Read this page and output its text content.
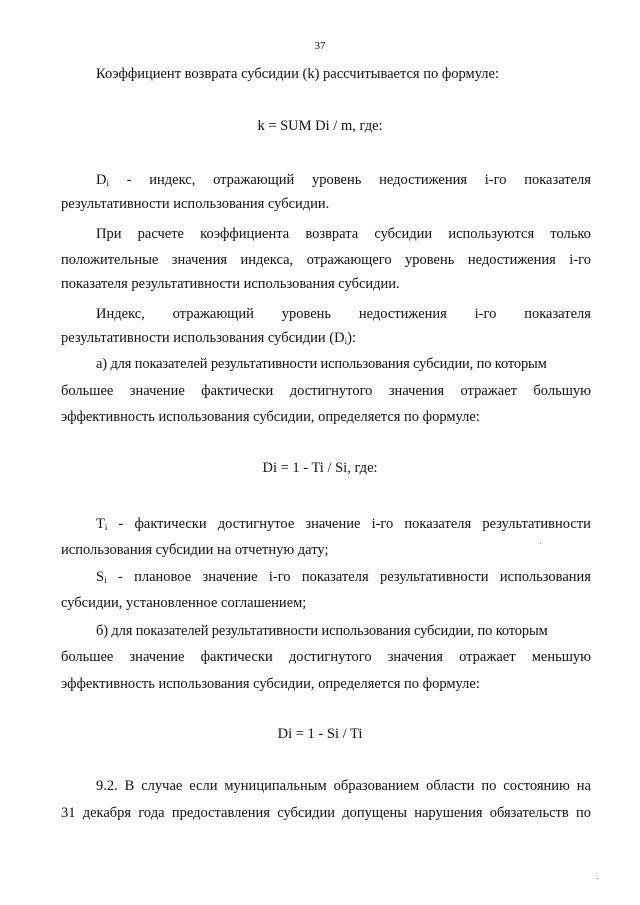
37
Коэффициент возврата субсидии (k) рассчитывается по формуле:
k = SUM Di / m, где:
$D_i$ - индекс, отражающий уровень недостижения i-го показателя
результативности использования субсидии.
При расчете коэффициента возврата субсидии используются только
положительные значения индекса, отражающего уровень недостижения i-го
показателя результативности использования субсидии.
Индекс, отражающий уровень недостижения i-го показателя
результативности использования субсидии $(D_i)$:
а) для показателей результативности использования субсидии, по которым
большее значение фактически достигнутого значения отражает большую
эффективность использования субсидии, определяется по формуле:
Di = 1 - Ti / Si, где:
$T_i$ - фактически достигнутое значение i-го показателя результативности
использования субсидии на отчетную дату;
$S_i$ - плановое значение i-го показателя результативности использования
субсидии, установленное соглашением;
б) для показателей результативности использования субсидии, по которым
большее значение фактически достигнутого значения отражает меньшую
эффективность использования субсидии, определяется по формуле:
Di = 1 - Si / Ti
9.2. В случае если муниципальным образованием области по состоянию на
31 декабря года предоставления субсидии допущены нарушения обязательств по
